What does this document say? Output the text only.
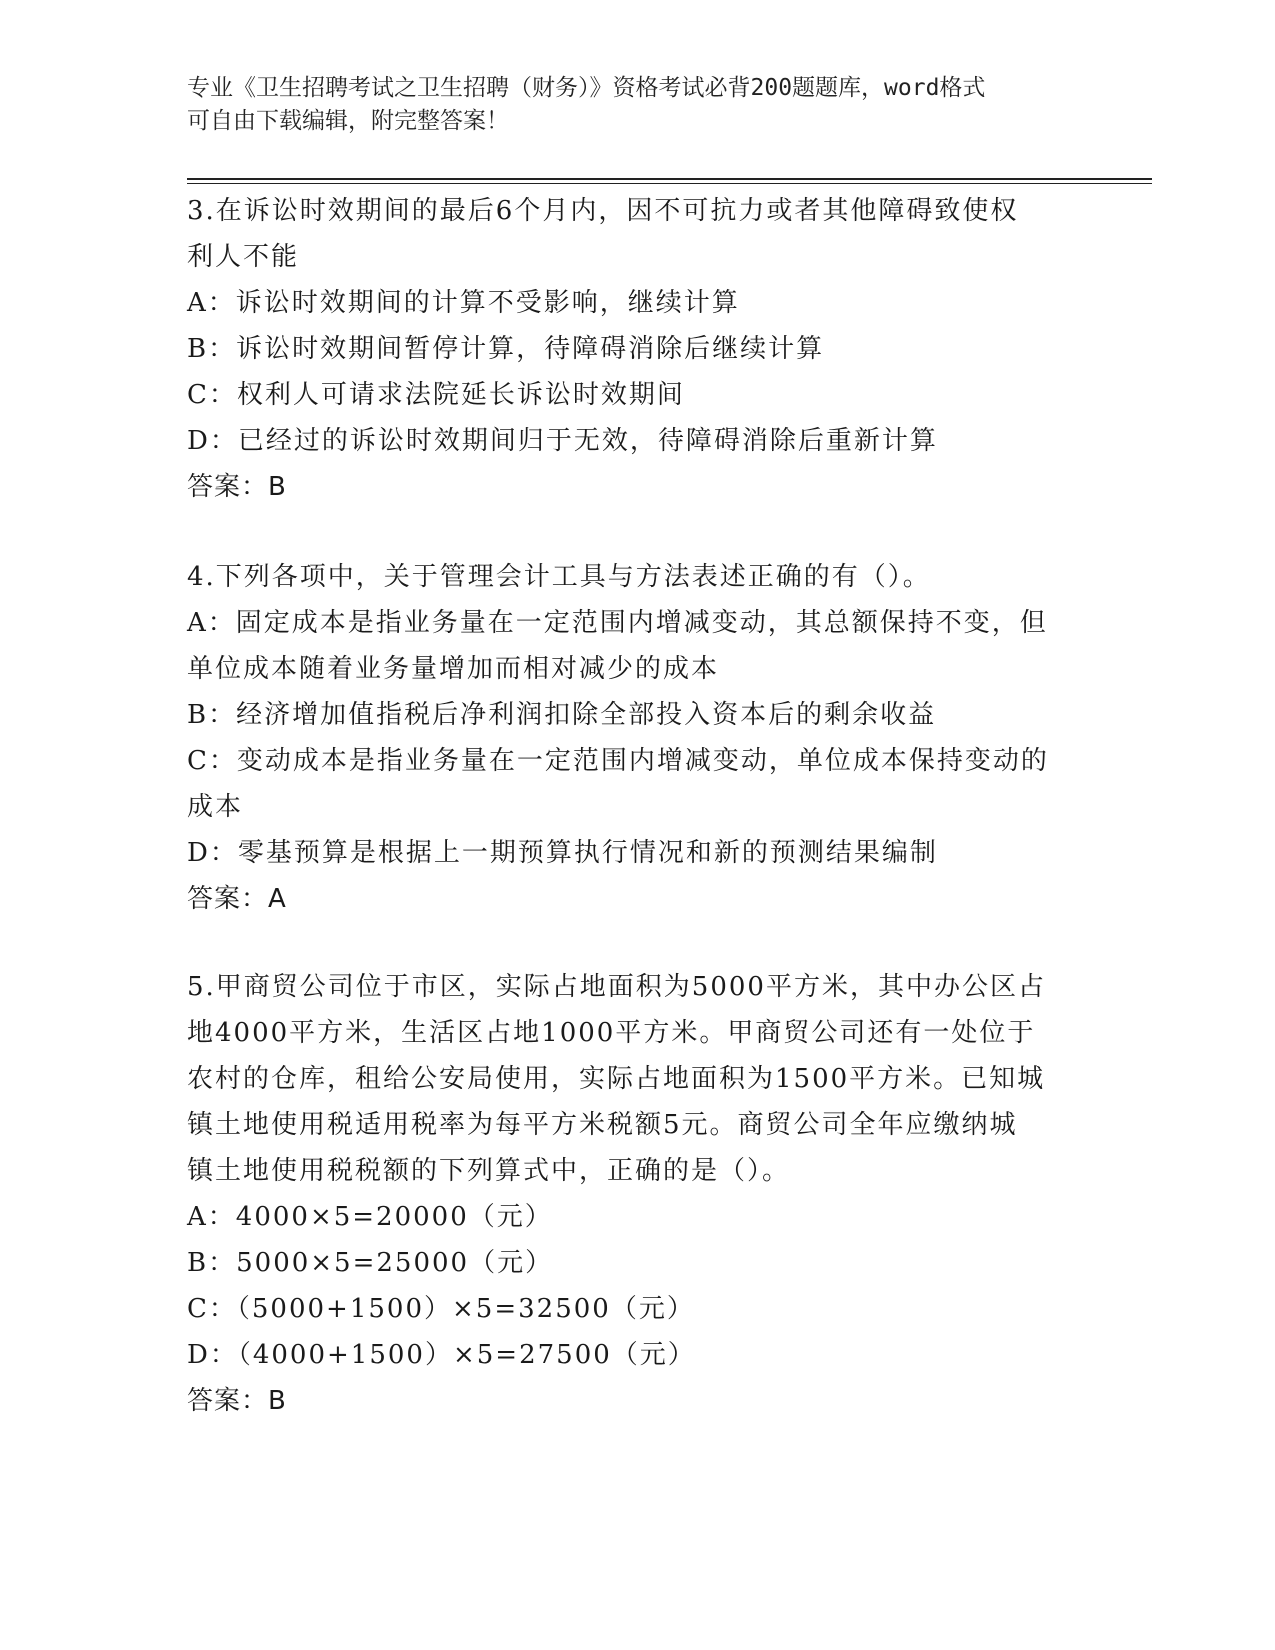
专业《卫生招聘考试之卫生招聘（财务）》资格考试必背200题题库，word格式
可自由下载编辑，附完整答案！
3.在诉讼时效期间的最后6个月内，因不可抗力或者其他障碍致使权
利人不能
A：诉讼时效期间的计算不受影响，继续计算
B：诉讼时效期间暂停计算，待障碍消除后继续计算
C：权利人可请求法院延长诉讼时效期间
D：已经过的诉讼时效期间归于无效，待障碍消除后重新计算
答案：B
4.下列各项中，关于管理会计工具与方法表述正确的有（）。
A：固定成本是指业务量在一定范围内增减变动，其总额保持不变，但
单位成本随着业务量增加而相对减少的成本
B：经济增加值指税后净利润扣除全部投入资本后的剩余收益
C：变动成本是指业务量在一定范围内增减变动，单位成本保持变动的
成本
D：零基预算是根据上一期预算执行情况和新的预测结果编制
答案：A
5.甲商贸公司位于市区，实际占地面积为5000平方米，其中办公区占
地4000平方米，生活区占地1000平方米。甲商贸公司还有一处位于
农村的仓库，租给公安局使用，实际占地面积为1500平方米。已知城
镇土地使用税适用税率为每平方米税额5元。商贸公司全年应缴纳城
镇土地使用税税额的下列算式中，正确的是（）。
A：4000×5=20000（元）
B：5000×5=25000（元）
C：（5000+1500）×5=32500（元）
D：（4000+1500）×5=27500（元）
答案：B
